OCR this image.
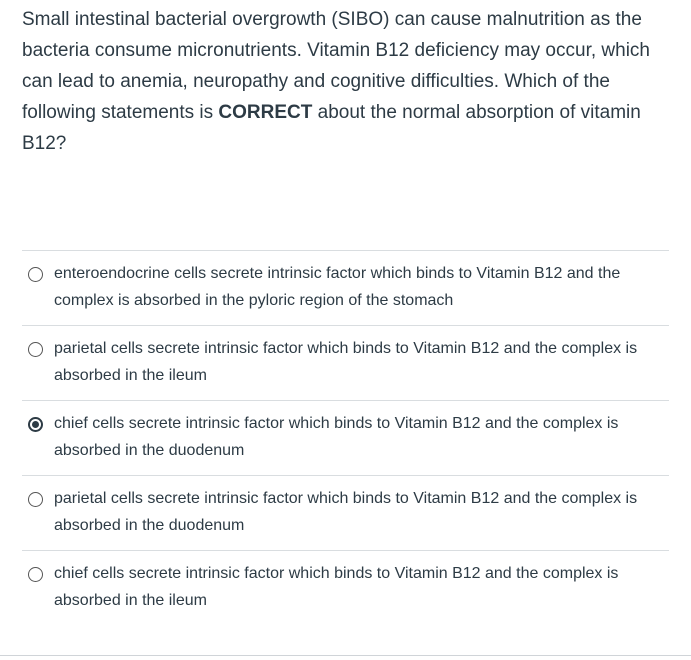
Small intestinal bacterial overgrowth (SIBO) can cause malnutrition as the bacteria consume micronutrients. Vitamin B12 deficiency may occur, which can lead to anemia, neuropathy and cognitive difficulties. Which of the following statements is CORRECT about the normal absorption of vitamin B12?
enteroendocrine cells secrete intrinsic factor which binds to Vitamin B12 and the complex is absorbed in the pyloric region of the stomach
parietal cells secrete intrinsic factor which binds to Vitamin B12 and the complex is absorbed in the ileum
chief cells secrete intrinsic factor which binds to Vitamin B12 and the complex is absorbed in the duodenum
parietal cells secrete intrinsic factor which binds to Vitamin B12 and the complex is absorbed in the duodenum
chief cells secrete intrinsic factor which binds to Vitamin B12 and the complex is absorbed in the ileum
